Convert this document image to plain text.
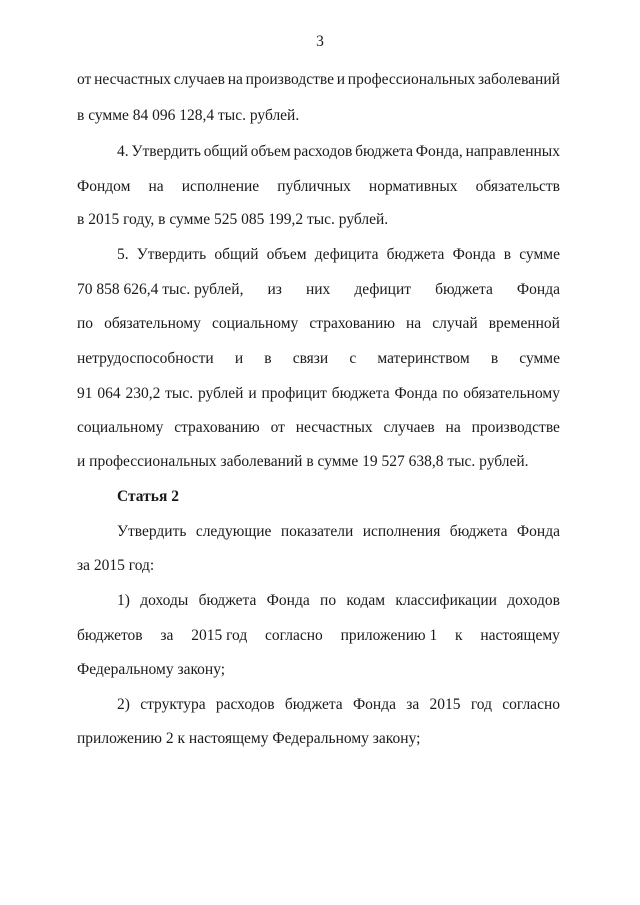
3
от несчастных случаев на производстве и профессиональных заболеваний
в сумме 84 096 128,4 тыс. рублей.
4. Утвердить общий объем расходов бюджета Фонда, направленных
Фондом на исполнение публичных нормативных обязательств
в 2015 году, в сумме 525 085 199,2 тыс. рублей.
5. Утвердить общий объем дефицита бюджета Фонда в сумме
70 858 626,4 тыс. рублей, из них дефицит бюджета Фонда
по обязательному социальному страхованию на случай временной
нетрудоспособности и в связи с материнством в сумме
91 064 230,2 тыс. рублей и профицит бюджета Фонда по обязательному
социальному страхованию от несчастных случаев на производстве
и профессиональных заболеваний в сумме 19 527 638,8 тыс. рублей.
Статья 2
Утвердить следующие показатели исполнения бюджета Фонда
за 2015 год:
1) доходы бюджета Фонда по кодам классификации доходов
бюджетов за 2015 год согласно приложению 1 к настоящему
Федеральному закону;
2) структура расходов бюджета Фонда за 2015 год согласно
приложению 2 к настоящему Федеральному закону;
